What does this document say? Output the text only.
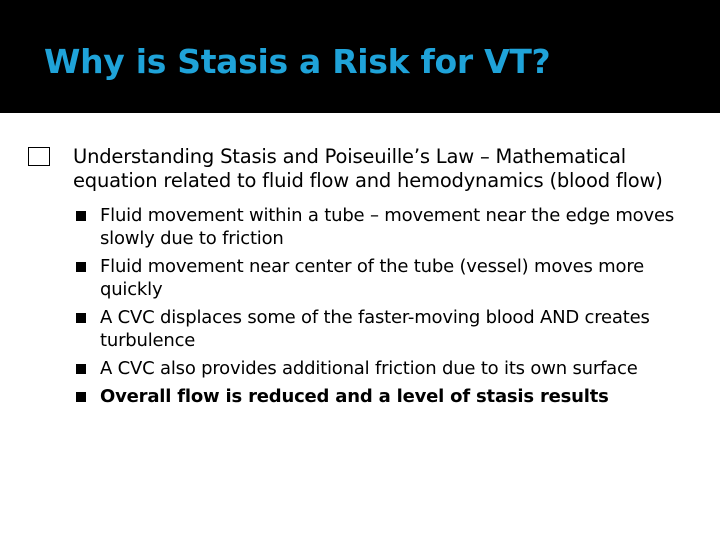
Why is Stasis a Risk for VT?
Understanding Stasis and Poiseuille’s Law – Mathematical equation related to fluid flow and hemodynamics (blood flow)
Fluid movement within a tube – movement near the edge moves slowly due to friction
Fluid movement near center of the tube (vessel) moves more quickly
A CVC displaces some of the faster-moving blood AND creates turbulence
A CVC also provides additional friction due to its own surface
Overall flow is reduced and a level of stasis results
